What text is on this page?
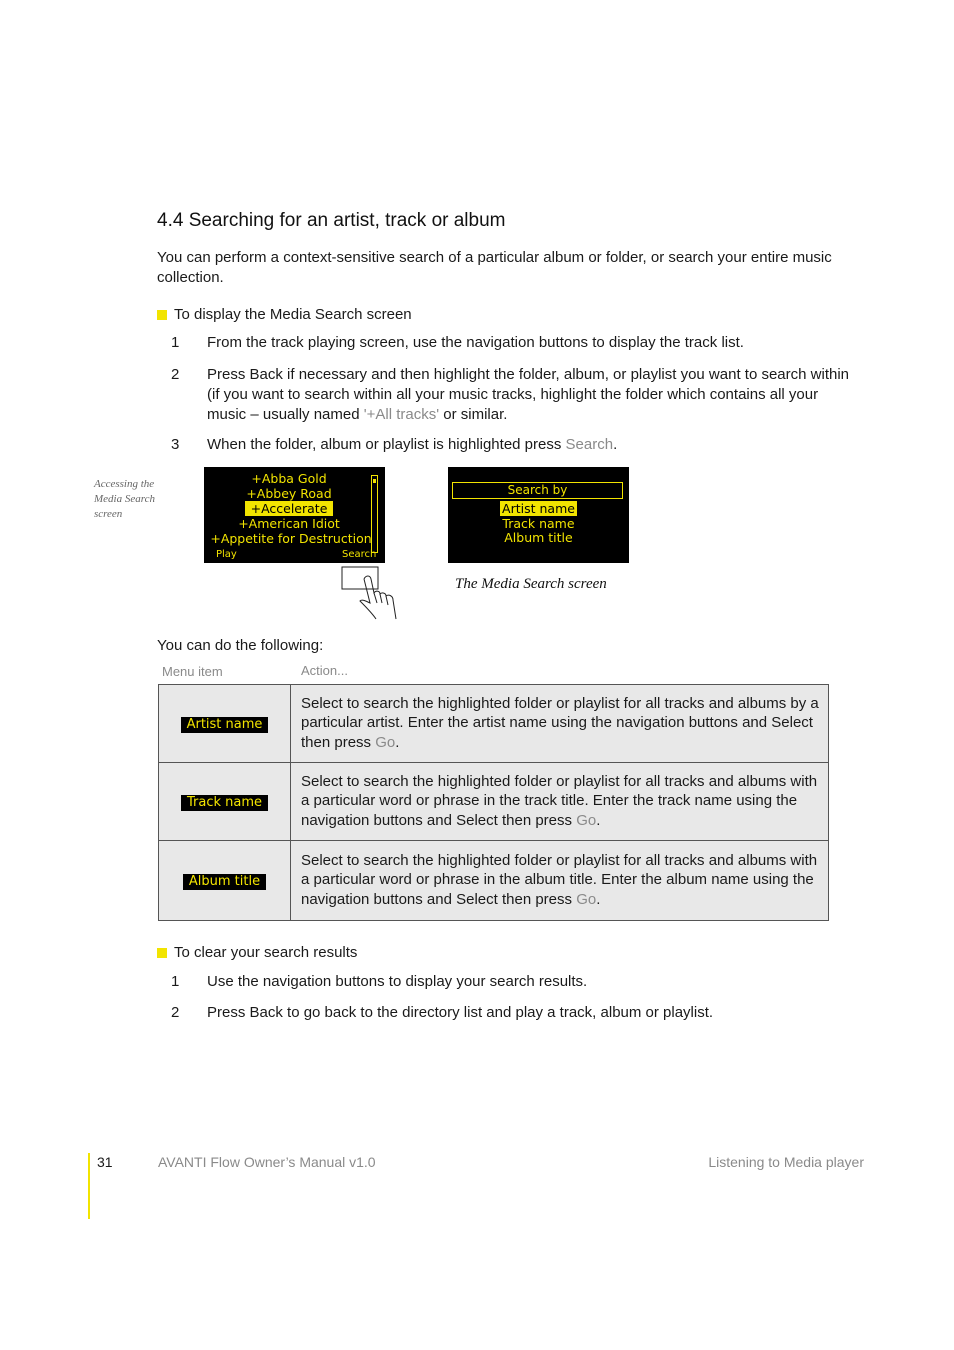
4.4 Searching for an artist, track or album
You can perform a context-sensitive search of a particular album or folder, or search your entire music collection.
To display the Media Search screen
1	From the track playing screen, use the navigation buttons to display the track list.
2	Press Back if necessary and then highlight the folder, album, or playlist you want to search within (if you want to search within all your music tracks, highlight the folder which contains all your music – usually named '+All tracks' or similar.
3	When the folder, album or playlist is highlighted press Search.
Accessing the Media Search screen
+Abba Gold
+Abbey Road
+Accelerate
+American Idiot
+Appetite for Destruction
Play	Search
Search by
Artist name
Track name
Album title
The Media Search screen
You can do the following:
Menu item	Action...
Artist name	Select to search the highlighted folder or playlist for all tracks and albums by a particular artist. Enter the artist name using the navigation buttons and Select then press Go.
Track name	Select to search the highlighted folder or playlist for all tracks and albums with a particular word or phrase in the track title. Enter the track name using the navigation buttons and Select then press Go.
Album title	Select to search the highlighted folder or playlist for all tracks and albums with a particular word or phrase in the album title. Enter the album name using the navigation buttons and Select then press Go.
To clear your search results
1	Use the navigation buttons to display your search results.
2	Press Back to go back to the directory list and play a track, album or playlist.
31	AVANTI Flow Owner’s Manual v1.0	Listening to Media player
